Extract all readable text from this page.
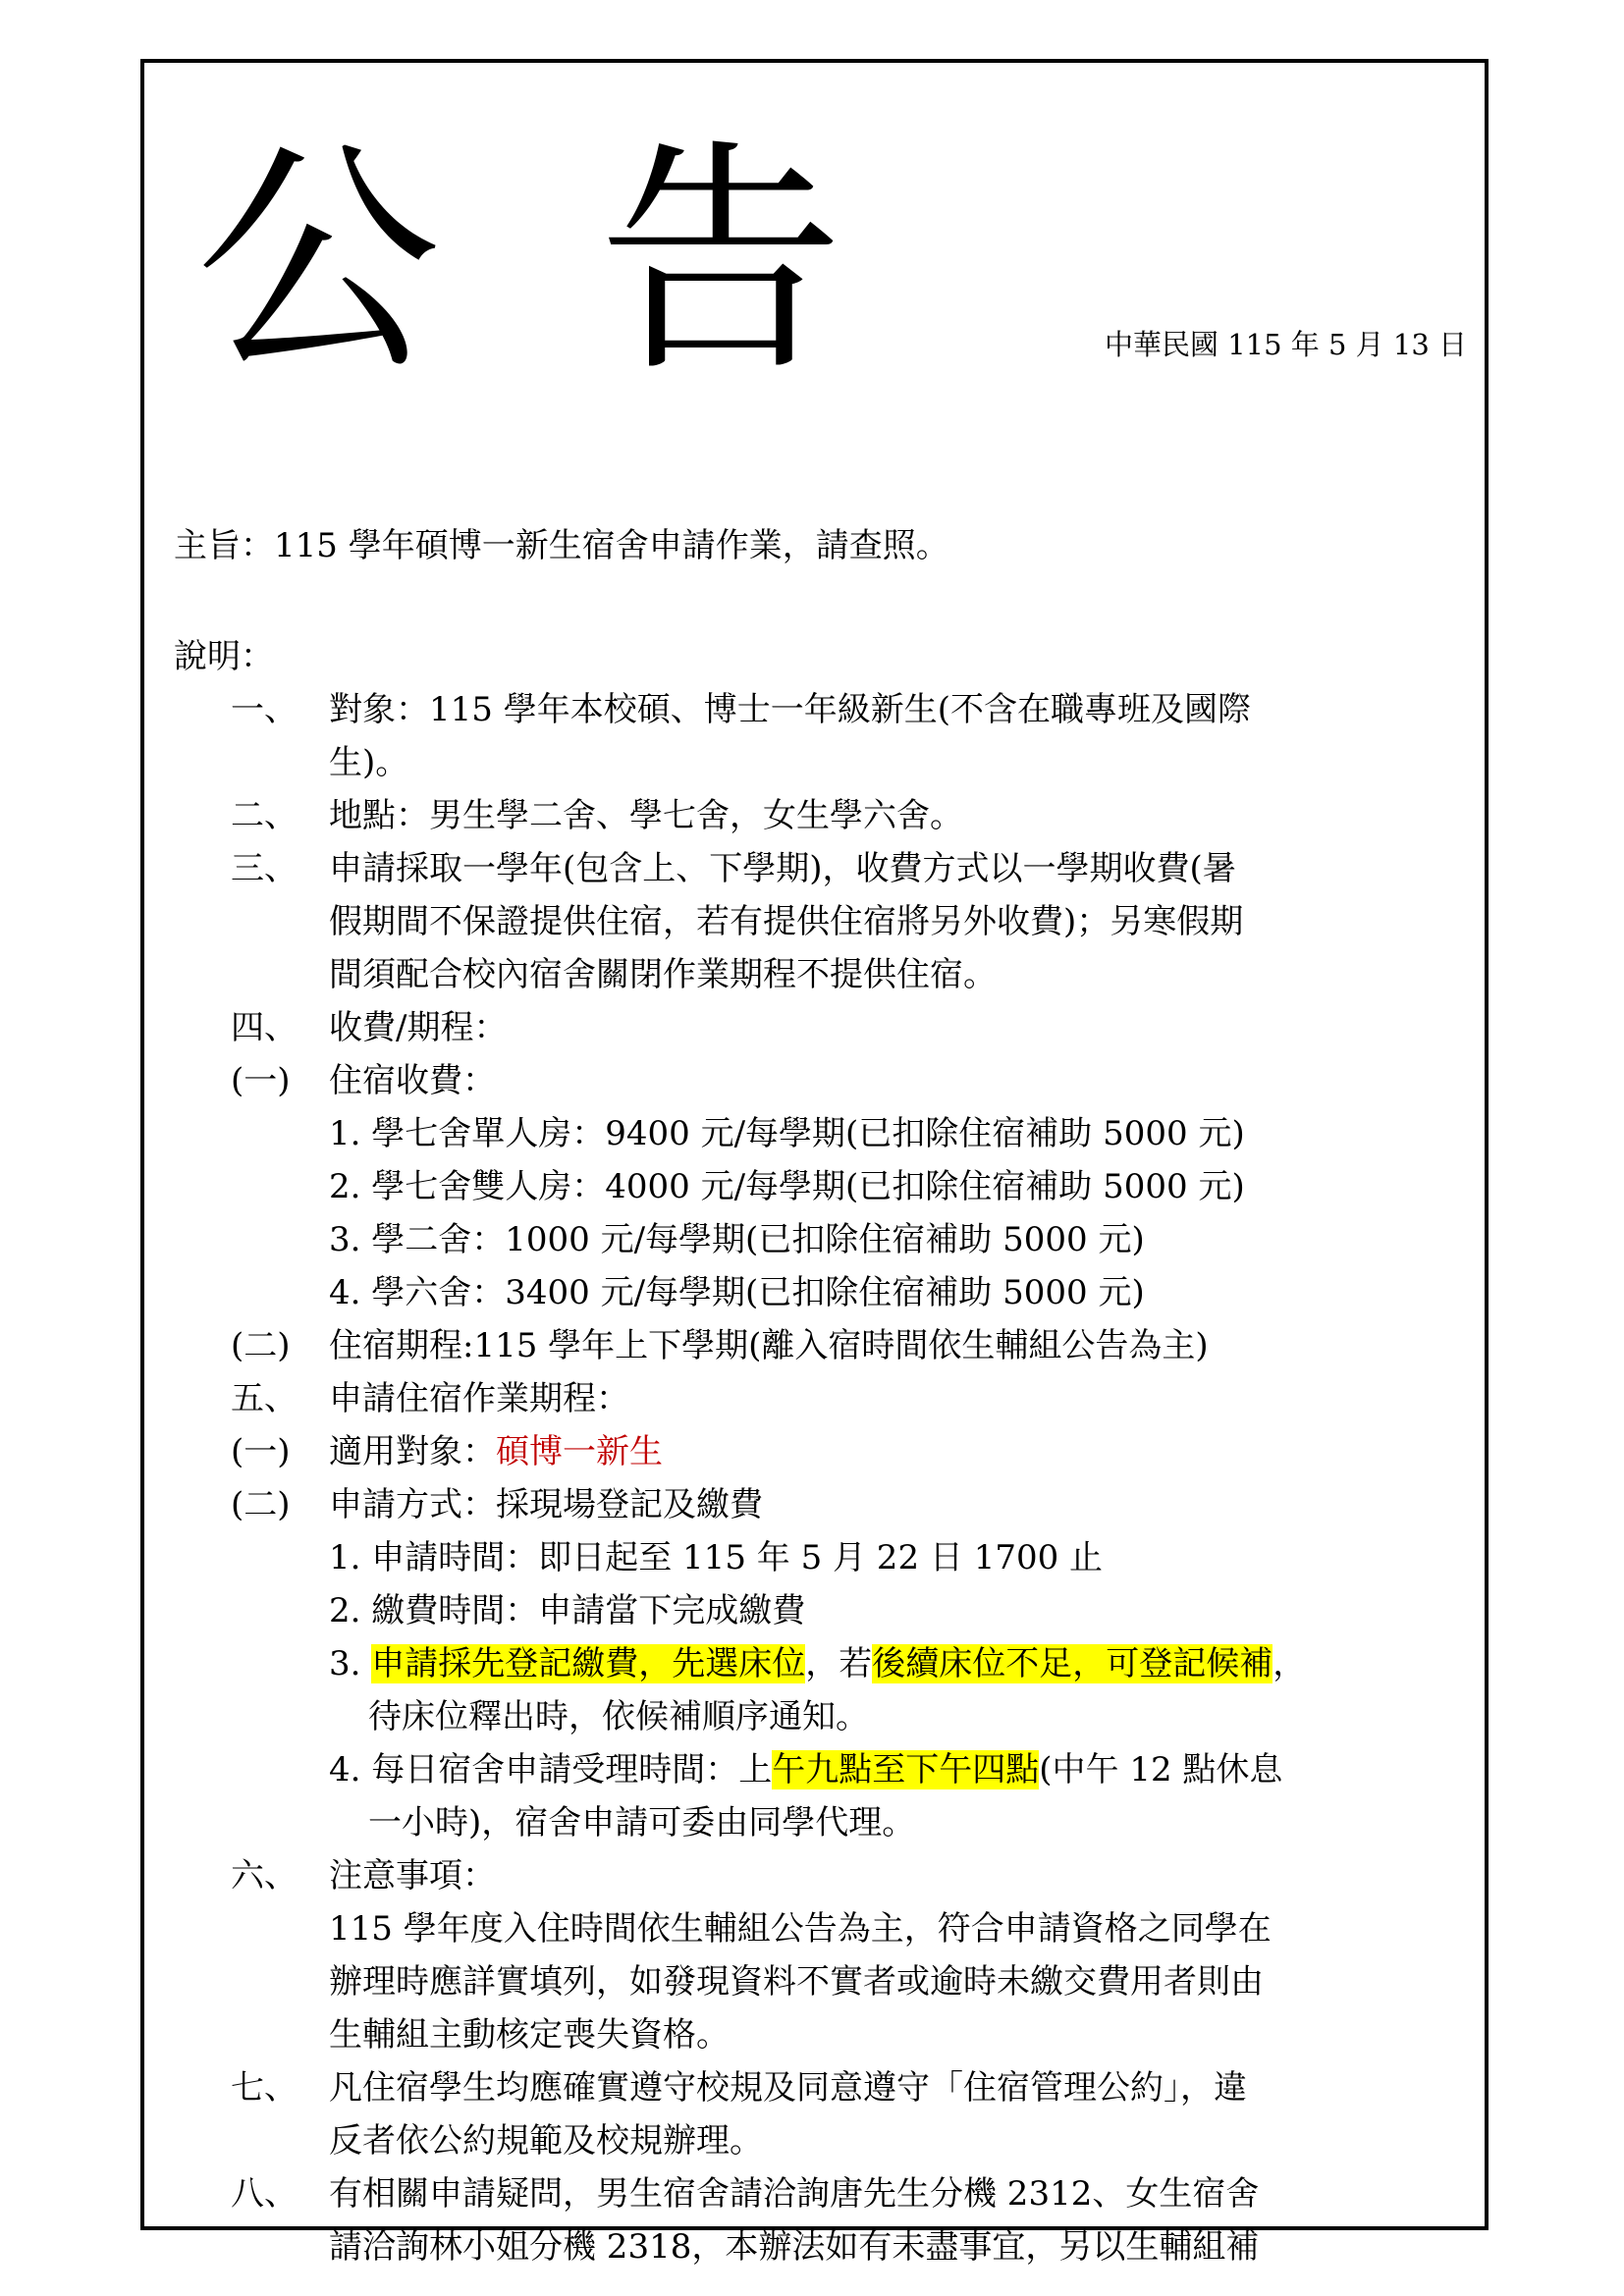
公告	中華民國 115 年 5 月 13 日
主旨：115 學年碩博一新生宿舍申請作業，請查照。
說明：
一、 對象：115 學年本校碩、博士一年級新生(不含在職專班及國際
生)。
二、 地點：男生學二舍、學七舍，女生學六舍。
三、 申請採取一學年(包含上、下學期)，收費方式以一學期收費(暑
假期間不保證提供住宿，若有提供住宿將另外收費)；另寒假期
間須配合校內宿舍關閉作業期程不提供住宿。
四、 收費/期程：
(一)	住宿收費：
1. 學七舍單人房：9400 元/每學期(已扣除住宿補助 5000 元)
2. 學七舍雙人房：4000 元/每學期(已扣除住宿補助 5000 元)
3. 學二舍：1000 元/每學期(已扣除住宿補助 5000 元)
4. 學六舍：3400 元/每學期(已扣除住宿補助 5000 元)
(二)	住宿期程:115 學年上下學期(離入宿時間依生輔組公告為主)
五、 申請住宿作業期程：
(一)	適用對象：碩博一新生
(二)	申請方式：採現場登記及繳費
1. 申請時間：即日起至 115 年 5 月 22 日 1700 止
2. 繳費時間：申請當下完成繳費
3. 申請採先登記繳費，先選床位，若後續床位不足，可登記候補，
待床位釋出時，依候補順序通知。
4. 每日宿舍申請受理時間：上午九點至下午四點(中午 12 點休息
一小時)，宿舍申請可委由同學代理。
六、 注意事項：
115 學年度入住時間依生輔組公告為主，符合申請資格之同學在
辦理時應詳實填列，如發現資料不實者或逾時未繳交費用者則由
生輔組主動核定喪失資格。
七、 凡住宿學生均應確實遵守校規及同意遵守「住宿管理公約」，違
反者依公約規範及校規辦理。
八、 有相關申請疑問，男生宿舍請洽詢唐先生分機 2312、女生宿舍
請洽詢林小姐分機 2318，本辦法如有未盡事宜，另以生輔組補
